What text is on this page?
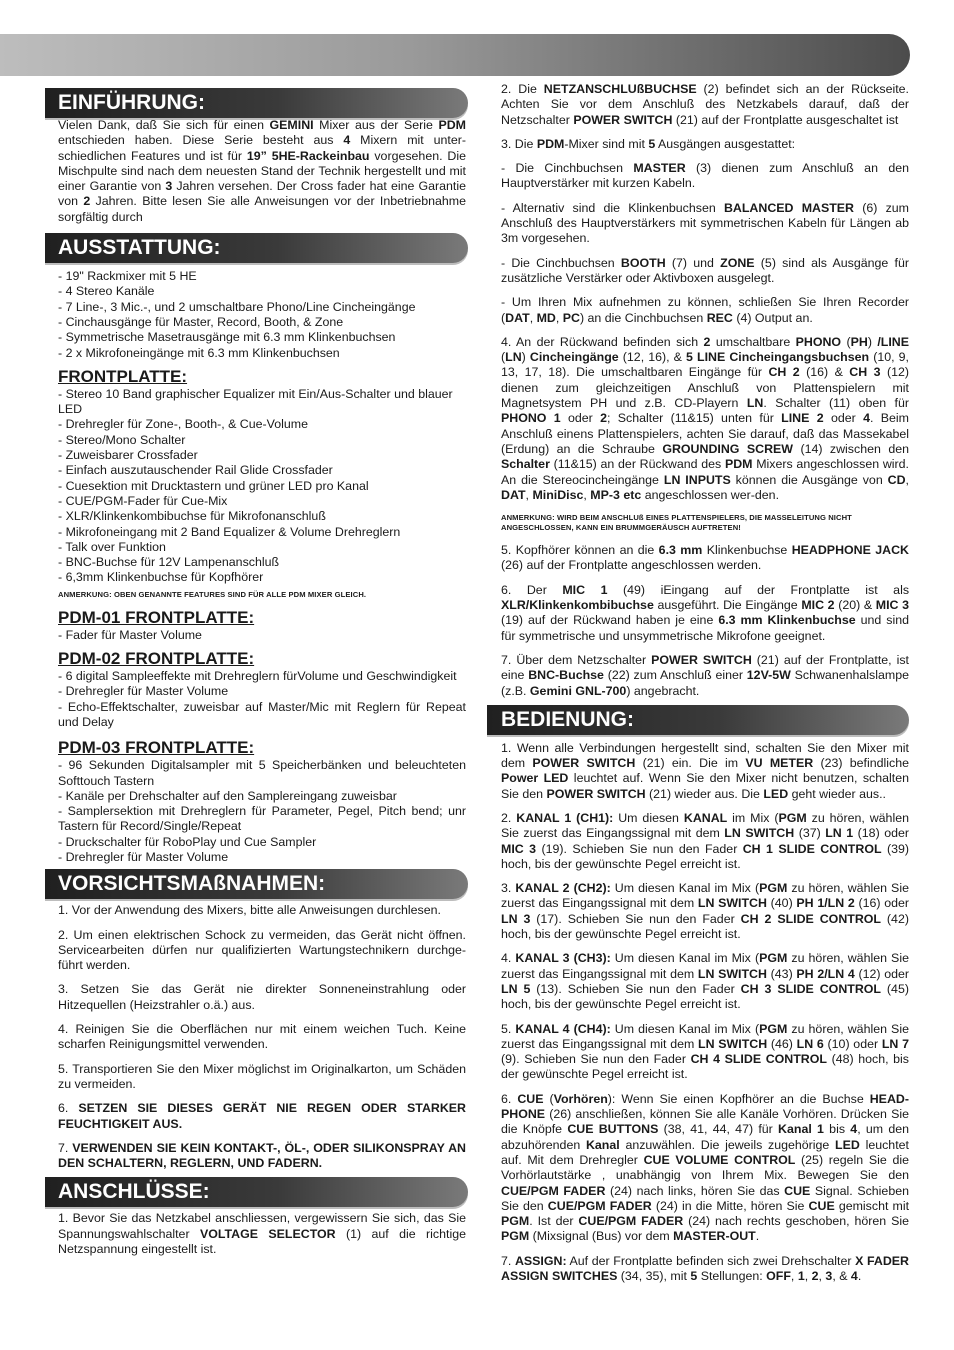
EINFÜHRUNG:

Vielen Dank, daß Sie sich für einen GEMINI Mixer aus der Serie PDM entschieden haben. Diese Serie besteht aus 4 Mixern mit unter-schiedlichen Features und ist für 19” 5HE-Rackeinbau vorgesehen. Die Mischpulte sind nach dem neuesten Stand der Technik hergestellt und mit einer Garantie von 3 Jahren versehen. Der Cross fader hat eine Garantie von 2 Jahren. Bitte lesen Sie alle Anweisungen vor der Inbetriebnahme sorgfältig durch

AUSSTATTUNG:
- 19" Rackmixer mit 5 HE
- 4 Stereo Kanäle
- 7 Line-, 3 Mic.-, und 2 umschaltbare Phono/Line Cincheingänge
- Cinchausgänge für Master, Record, Booth, & Zone
- Symmetrische Masetrausgänge mit 6.3 mm Klinkenbuchsen
- 2 x Mikrofoneingänge mit 6.3 mm Klinkenbuchsen
FRONTPLATTE:
- Stereo 10 Band graphischer Equalizer mit Ein/Aus-Schalter und blauer LED
- Drehregler für Zone-, Booth-, & Cue-Volume
- Stereo/Mono Schalter
- Zuweisbarer Crossfader
- Einfach auszutauschender Rail Glide Crossfader
- Cuesektion mit Drucktastern und grüner LED pro Kanal
- CUE/PGM-Fader für Cue-Mix
- XLR/Klinkenkombibuchse für Mikrofonanschluß
- Mikrofoneingang mit 2 Band Equalizer & Volume Drehreglern
- Talk over Funktion
- BNC-Buchse für 12V Lampenanschluß
- 6,3mm Klinkenbuchse für Kopfhörer
ANMERKUNG: OBEN GENANNTE FEATURES SIND FÜR ALLE PDM MIXER GLEICH.
PDM-01 FRONTPLATTE:
- Fader für Master Volume
PDM-02 FRONTPLATTE:
- 6 digital Sampleeffekte mit Drehreglern fürVolume und Geschwindigkeit
- Drehregler für Master Volume
- Echo-Effektschalter, zuweisbar auf Master/Mic mit Reglern für Repeat und Delay
PDM-03 FRONTPLATTE:
- 96 Sekunden Digitalsampler mit 5 Speicherbänken und beleuchteten Softtouch Tastern
- Kanäle per Drehschalter auf den Samplereingang zuweisbar
- Samplersektion mit Drehreglern für Parameter, Pegel, Pitch bend; unr Tastern für Record/Single/Repeat
- Druckschalter für RoboPlay und Cue Sampler
- Drehregler für Master Volume
VORSICHTSMAßNAHMEN:

1. Vor der Anwendung des Mixers, bitte alle Anweisungen durchlesen.

2. Um einen elektrischen Schock zu vermeiden, das Gerät nicht öffnen. Servicearbeiten dürfen nur qualifizierten Wartungstechnikern durchge-führt werden.

3. Setzen Sie das Gerät nie direkter Sonneneinstrahlung oder Hitzequellen (Heizstrahler o.ä.) aus.

4. Reinigen Sie die Oberflächen nur mit einem weichen Tuch. Keine scharfen Reinigungsmittel verwenden.

5. Transportieren Sie den Mixer möglichst im Originalkarton, um Schäden zu vermeiden.

6. SETZEN SIE DIESES GERÄT NIE REGEN ODER STARKER FEUCHTIGKEIT AUS.

7. VERWENDEN SIE KEIN KONTAKT-, ÖL-, ODER SILIKONSPRAY AN DEN SCHALTERN, REGLERN, UND FADERN.

ANSCHLÜSSE:

1. Bevor Sie das Netzkabel anschliessen, vergewissern Sie sich, das Sie Spannungswahlschalter VOLTAGE SELECTOR (1) auf die richtige Netzspannung eingestellt ist.

2. Die NETZANSCHLUßBUCHSE (2) befindet sich an der Rückseite. Achten Sie vor dem Anschluß des Netzkabels darauf, daß der Netzschalter POWER SWITCH (21) auf der Frontplatte ausgeschaltet ist

3. Die PDM-Mixer sind mit 5 Ausgängen ausgestattet:

- Die Cinchbuchsen MASTER (3) dienen zum Anschluß an den Hauptverstärker mit kurzen Kabeln.

- Alternativ sind die Klinkenbuchsen BALANCED MASTER (6) zum Anschluß des Hauptverstärkers mit symmetrischen Kabeln für Längen ab 3m vorgesehen.

- Die Cinchbuchsen BOOTH (7) und ZONE (5) sind als Ausgänge für zusätzliche Verstärker oder Aktivboxen ausgelegt.

- Um Ihren Mix aufnehmen zu können, schließen Sie Ihren Recorder (DAT, MD, PC) an die Cinchbuchsen REC (4) Output an.

4. An der Rückwand befinden sich 2 umschaltbare PHONO (PH) /LINE (LN) Cincheingänge (12, 16), & 5 LINE Cincheingangsbuchsen (10, 9, 13, 17, 18). Die umschaltbaren Eingänge für CH 2 (16) & CH 3 (12) dienen zum gleichzeitigen Anschluß von Plattenspielern mit Magnetsystem PH und z.B. CD-Playern LN. Schalter (11) oben für PHONO 1 oder 2; Schalter (11&15) unten für LINE 2 oder 4. Beim Anschluß einens Plattenspielers, achten Sie darauf, daß das Massekabel (Erdung) an die Schraube GROUNDING SCREW (14) zwischen den Schalter (11&15) an der Rückwand des PDM Mixers angeschlossen wird. An die Stereocincheingänge LN INPUTS können die Ausgänge von CD, DAT, MiniDisc, MP-3 etc angeschlossen wer-den.

ANMERKUNG: WIRD BEIM ANSCHLUß EINES PLATTENSPIELERS, DIE MASSELEITUNG NICHT ANGESCHLOSSEN, KANN EIN BRUMMGERÄUSCH AUFTRETEN!

5. Kopfhörer können an die 6.3 mm Klinkenbuchse HEADPHONE JACK (26) auf der Frontplatte angeschlossen werden.

6. Der MIC 1 (49) iEingang auf der Frontplatte ist als XLR/Klinkenkombibuchse ausgeführt. Die Eingänge MIC 2 (20) & MIC 3 (19) auf der Rückwand haben je eine 6.3 mm Klinkenbuchse und sind für symmetrische und unsymmetrische Mikrofone geeignet.

7. Über dem Netzschalter POWER SWITCH (21) auf der Frontplatte, ist eine BNC-Buchse (22) zum Anschluß einer 12V-5W Schwanenhalslampe (z.B. Gemini GNL-700) angebracht.

BEDIENUNG:

1. Wenn alle Verbindungen hergestellt sind, schalten Sie den Mixer mit dem POWER SWITCH (21) ein. Die im VU METER (23) befindliche Power LED leuchtet auf. Wenn Sie den Mixer nicht benutzen, schalten Sie den POWER SWITCH (21) wieder aus. Die LED geht wieder aus..

2. KANAL 1 (CH1): Um diesen KANAL im Mix (PGM zu hören, wählen Sie zuerst das Eingangssignal mit dem LN SWITCH (37) LN 1 (18) oder MIC 3 (19). Schieben Sie nun den Fader CH 1 SLIDE CONTROL (39) hoch, bis der gewünschte Pegel erreicht ist.

3. KANAL 2 (CH2): Um diesen Kanal im Mix (PGM zu hören, wählen Sie zuerst das Eingangssignal mit dem LN SWITCH (40) PH 1/LN 2 (16) oder LN 3 (17). Schieben Sie nun den Fader CH 2 SLIDE CONTROL (42) hoch, bis der gewünschte Pegel erreicht ist.

4. KANAL 3 (CH3): Um diesen Kanal im Mix (PGM zu hören, wählen Sie zuerst das Eingangssignal mit dem LN SWITCH (43) PH 2/LN 4 (12) oder LN 5 (13). Schieben Sie nun den Fader CH 3 SLIDE CONTROL (45) hoch, bis der gewünschte Pegel erreicht ist.

5. KANAL 4 (CH4): Um diesen Kanal im Mix (PGM zu hören, wählen Sie zuerst das Eingangssignal mit dem LN SWITCH (46) LN 6 (10) oder LN 7 (9). Schieben Sie nun den Fader CH 4 SLIDE CONTROL (48) hoch, bis der gewünschte Pegel erreicht ist.

6. CUE (Vorhören): Wenn Sie einen Kopfhörer an die Buchse HEAD-PHONE (26) anschließen, können Sie alle Kanäle Vorhören. Drücken Sie die Knöpfe CUE BUTTONS (38, 41, 44, 47) für Kanal 1 bis 4, um den abzuhörenden Kanal anzuwählen. Die jeweils zugehörige LED leuchtet auf. Mit dem Drehregler CUE VOLUME CONTROL (25) regeln Sie die Vorhörlautstärke , unabhängig von Ihrem Mix. Bewegen Sie den CUE/PGM FADER (24) nach links, hören Sie das CUE Signal. Schieben Sie den CUE/PGM FADER (24) in die Mitte, hören Sie CUE gemischt mit PGM. Ist der CUE/PGM FADER (24) nach rechts geschoben, hören Sie PGM (Mixsignal (Bus) vor dem MASTER-OUT.

7. ASSIGN: Auf der Frontplatte befinden sich zwei Drehschalter X FADER ASSIGN SWITCHES (34, 35), mit 5 Stellungen: OFF, 1, 2, 3, & 4.
